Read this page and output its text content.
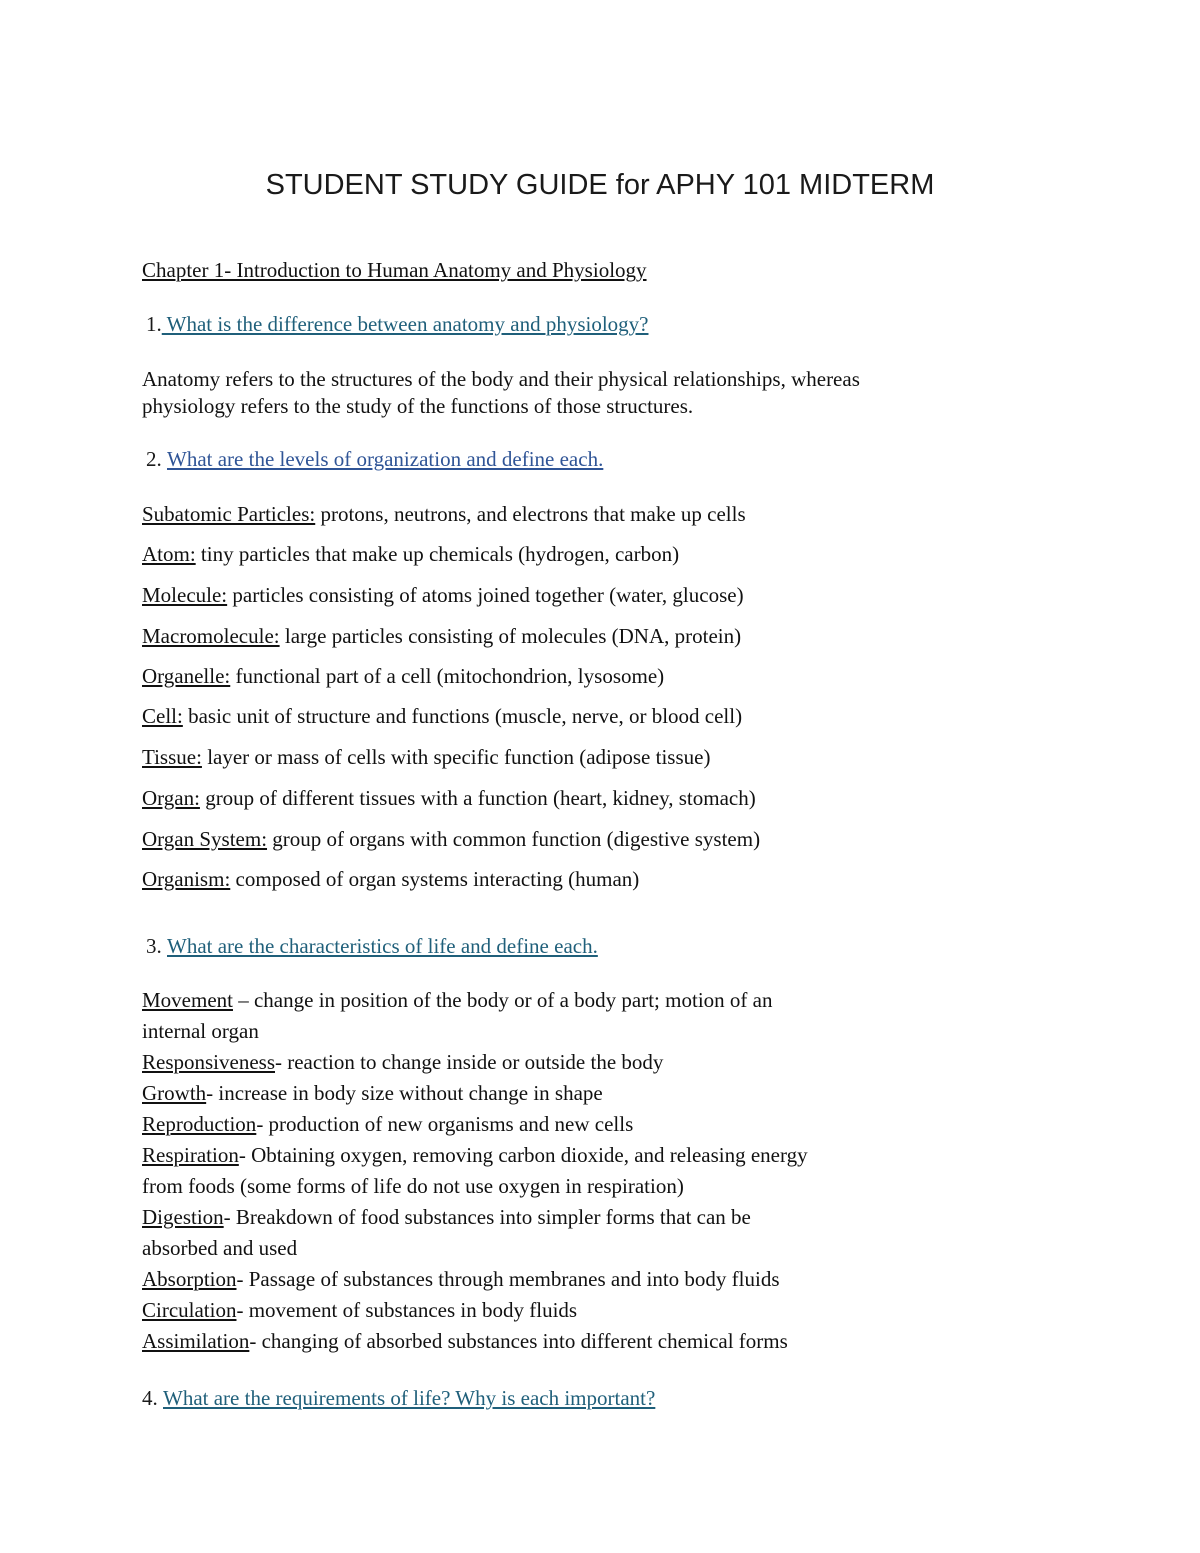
STUDENT STUDY GUIDE for APHY 101 MIDTERM
Chapter 1- Introduction to Human Anatomy and Physiology
1. What is the difference between anatomy and physiology?
Anatomy refers to the structures of the body and their physical relationships, whereas
physiology refers to the study of the functions of those structures.
2. What are the levels of organization and define each.
Subatomic Particles: protons, neutrons, and electrons that make up cells
Atom: tiny particles that make up chemicals (hydrogen, carbon)
Molecule: particles consisting of atoms joined together (water, glucose)
Macromolecule: large particles consisting of molecules (DNA, protein)
Organelle: functional part of a cell (mitochondrion, lysosome)
Cell: basic unit of structure and functions (muscle, nerve, or blood cell)
Tissue: layer or mass of cells with specific function (adipose tissue)
Organ: group of different tissues with a function (heart, kidney, stomach)
Organ System: group of organs with common function (digestive system)
Organism: composed of organ systems interacting (human)
3. What are the characteristics of life and define each.
Movement – change in position of the body or of a body part; motion of an
internal organ
Responsiveness- reaction to change inside or outside the body
Growth- increase in body size without change in shape
Reproduction- production of new organisms and new cells
Respiration- Obtaining oxygen, removing carbon dioxide, and releasing energy
from foods (some forms of life do not use oxygen in respiration)
Digestion- Breakdown of food substances into simpler forms that can be
absorbed and used
Absorption- Passage of substances through membranes and into body fluids
Circulation- movement of substances in body fluids
Assimilation- changing of absorbed substances into different chemical forms
4. What are the requirements of life? Why is each important?
